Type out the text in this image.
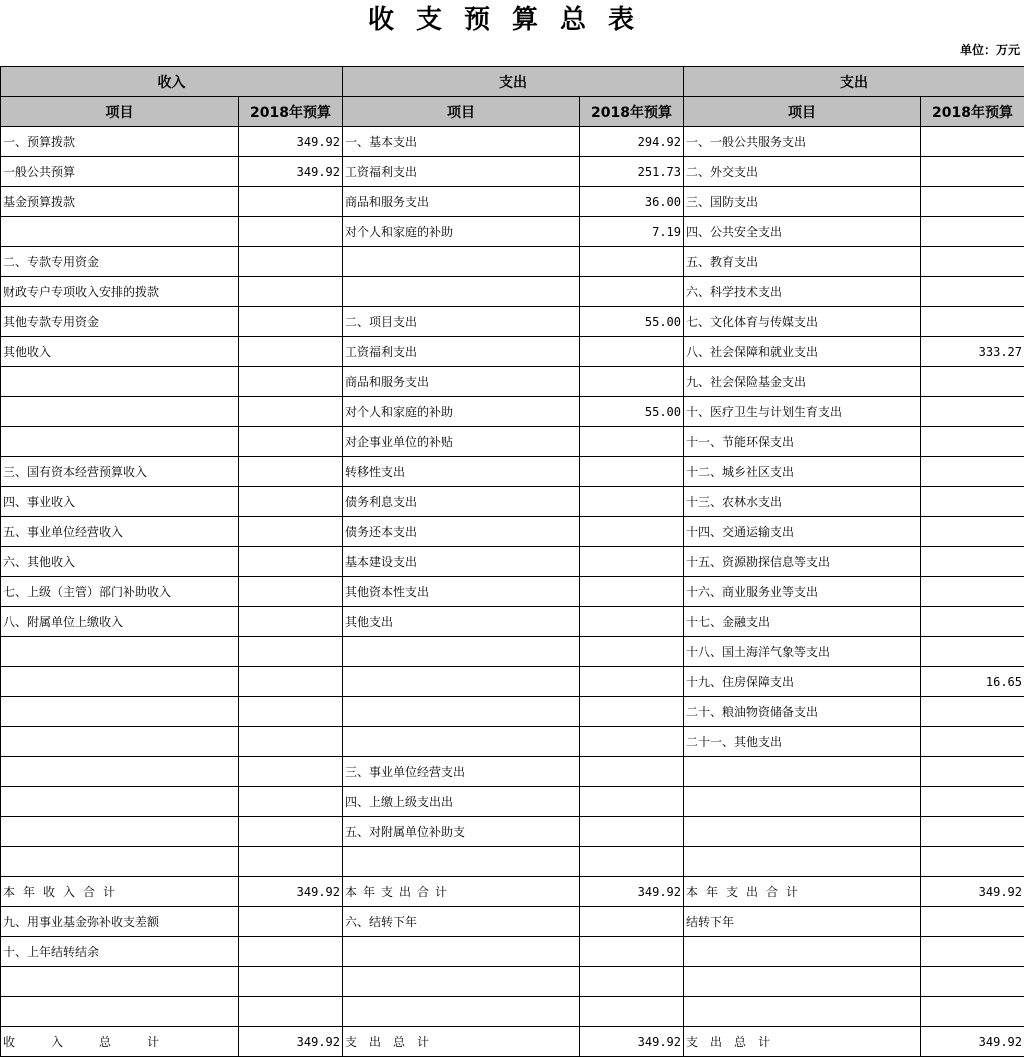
收支预算总表
单位：万元
收入		支出		支出	
项目	2018年预算	项目	2018年预算	项目	2018年预算
一、预算拨款	349.92	一、基本支出	294.92	一、一般公共服务支出	
一般公共预算	349.92	工资福利支出	251.73	二、外交支出	
基金预算拨款		商品和服务支出	36.00	三、国防支出	
		对个人和家庭的补助	7.19	四、公共安全支出	
二、专款专用资金				五、教育支出	
财政专户专项收入安排的拨款				六、科学技术支出	
其他专款专用资金		二、项目支出	55.00	七、文化体育与传媒支出	
其他收入		工资福利支出		八、社会保障和就业支出	333.27
		商品和服务支出		九、社会保险基金支出	
		对个人和家庭的补助	55.00	十、医疗卫生与计划生育支出	
		对企事业单位的补贴		十一、节能环保支出	
三、国有资本经营预算收入		转移性支出		十二、城乡社区支出	
四、事业收入		债务利息支出		十三、农林水支出	
五、事业单位经营收入		债务还本支出		十四、交通运输支出	
六、其他收入		基本建设支出		十五、资源勘探信息等支出	
七、上级（主管）部门补助收入		其他资本性支出		十六、商业服务业等支出	
八、附属单位上缴收入		其他支出		十七、金融支出	
				十八、国土海洋气象等支出	
				十九、住房保障支出	16.65
				二十、粮油物资储备支出	
				二十一、其他支出	
		三、事业单位经营支出			
		四、上缴上级支出出			
		五、对附属单位补助支			

本年收入合计	349.92	本年支出合计	349.92	本年支出合计	349.92
九、用事业基金弥补收支差额		六、结转下年		结转下年	
十、上年结转结余					

收入总计	349.92	支出总计	349.92	支出总计	349.92
